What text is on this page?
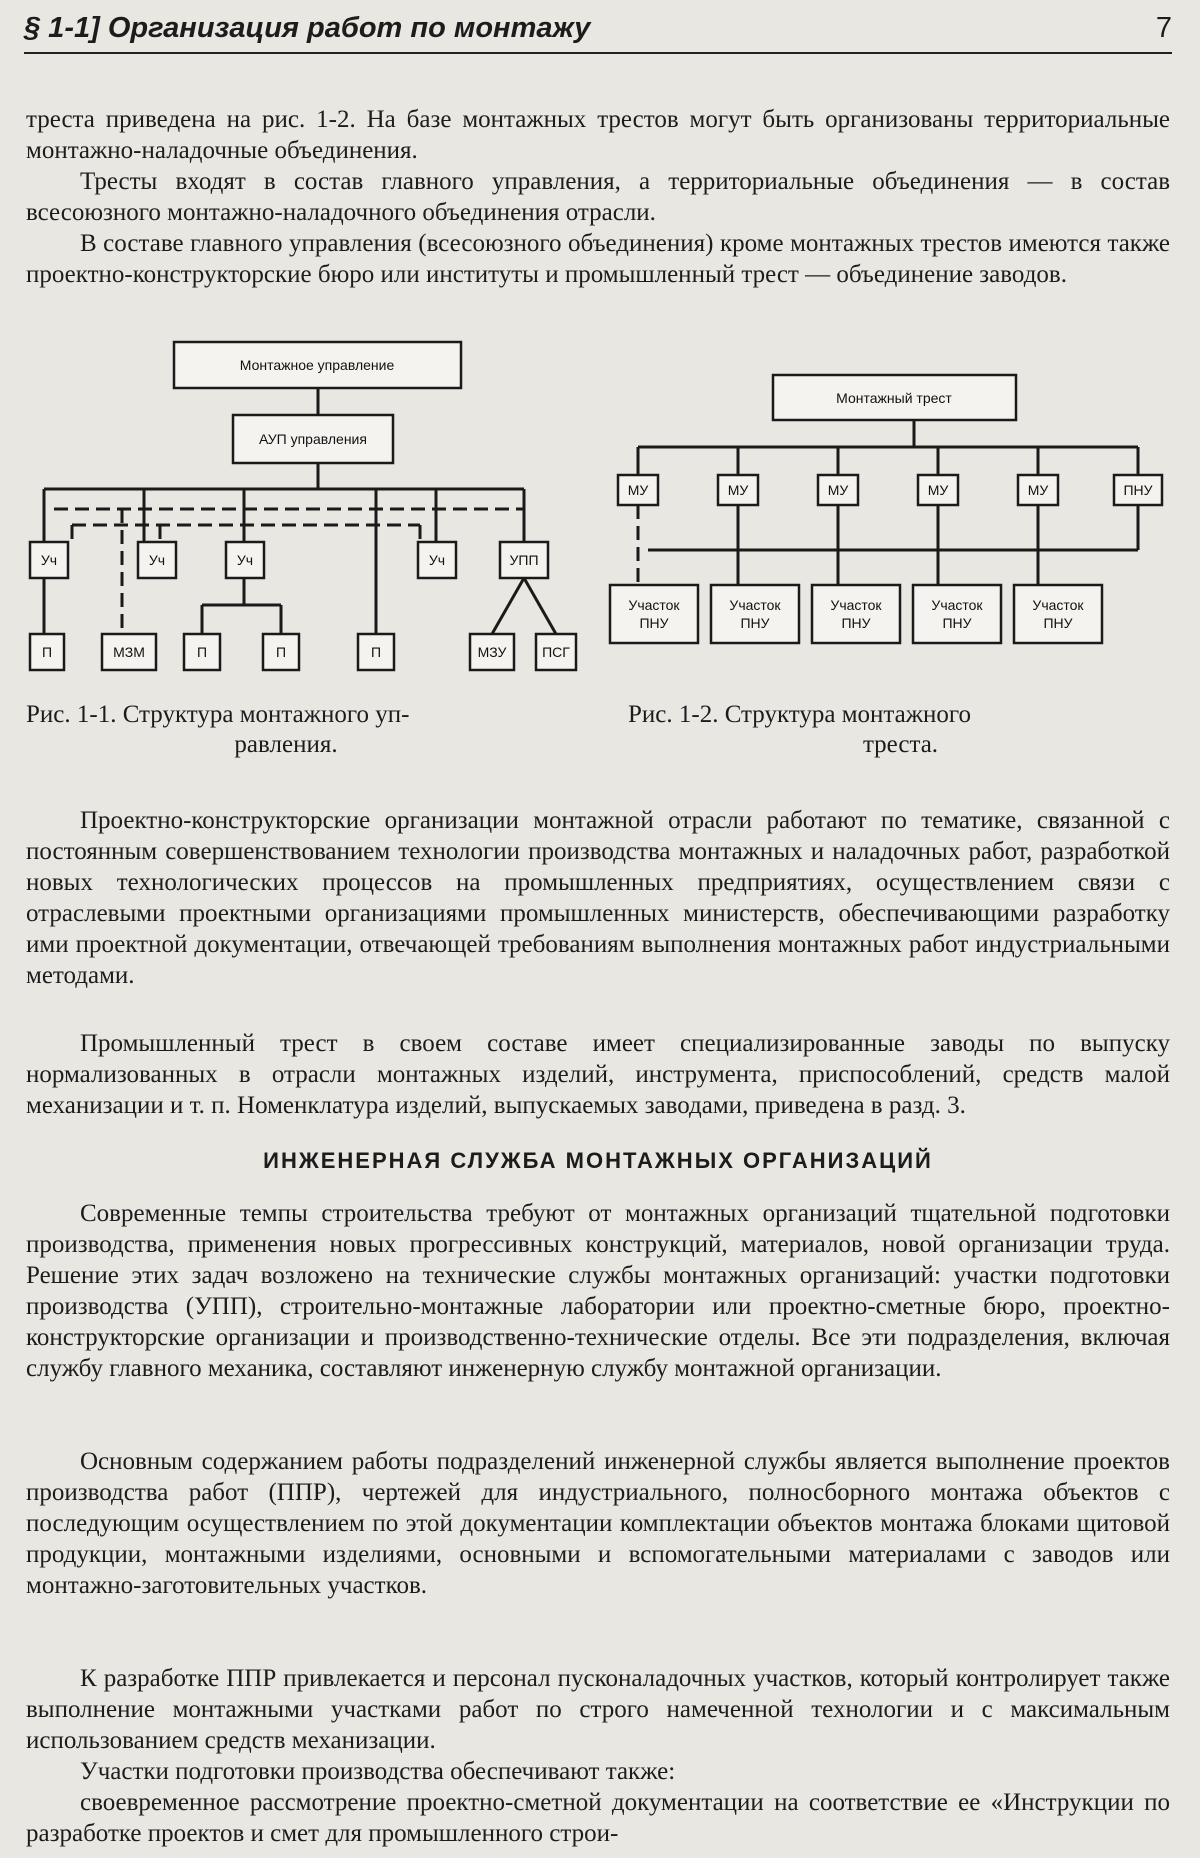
§ 1-1] Организация работ по монтажу	7

треста приведена на рис. 1-2. На базе монтажных трестов могут быть организованы территориальные монтажно-наладочные объединения.

Тресты входят в состав главного управления, а территориальные объединения — в состав всесоюзного монтажно-наладочного объединения отрасли.

В составе главного управления (всесоюзного объединения) кроме монтажных трестов имеются также проектно-конструкторские бюро или институты и промышленный трест — объединение заводов.

Монтажное управление
АУП управления
Уч	Уч	Уч	Уч	УПП
П	МЗМ	П	П	П	МЗУ	ПСГ
Монтажный трест
МУ	МУ	МУ	МУ	МУ	ПНУ
Участок
ПНУ
Участок
ПНУ
Участок
ПНУ
Участок
ПНУ
Участок
ПНУ
Рис. 1-1. Структура монтажного уп-
равления.
Рис. 1-2. Структура монтажного
треста.

Проектно-конструкторские организации монтажной отрасли работают по тематике, связанной с постоянным совершенствованием технологии производства монтажных и наладочных работ, разработкой новых технологических процессов на промышленных предприятиях, осуществлением связи с отраслевыми проектными организациями промышленных министерств, обеспечивающими разработку ими проектной документации, отвечающей требованиям выполнения монтажных работ индустриальными методами.

Промышленный трест в своем составе имеет специализированные заводы по выпуску нормализованных в отрасли монтажных изделий, инструмента, приспособлений, средств малой механизации и т. п. Номенклатура изделий, выпускаемых заводами, приведена в разд. 3.

ИНЖЕНЕРНАЯ СЛУЖБА МОНТАЖНЫХ ОРГАНИЗАЦИЙ

Современные темпы строительства требуют от монтажных организаций тщательной подготовки производства, применения новых прогрессивных конструкций, материалов, новой организации труда. Решение этих задач возложено на технические службы монтажных организаций: участки подготовки производства (УПП), строительно-монтажные лаборатории или проектно-сметные бюро, проектно-конструкторские организации и производственно-технические отделы. Все эти подразделения, включая службу главного механика, составляют инженерную службу монтажной организации.

Основным содержанием работы подразделений инженерной службы является выполнение проектов производства работ (ППР), чертежей для индустриального, полносборного монтажа объектов с последующим осуществлением по этой документации комплектации объектов монтажа блоками щитовой продукции, монтажными изделиями, основными и вспомогательными материалами с заводов или монтажно-заготовительных участков.

К разработке ППР привлекается и персонал пусконаладочных участков, который контролирует также выполнение монтажными участками работ по строго намеченной технологии и с максимальным использованием средств механизации.

Участки подготовки производства обеспечивают также:

своевременное рассмотрение проектно-сметной документации на соответствие ее «Инструкции по разработке проектов и смет для промышленного строи-
